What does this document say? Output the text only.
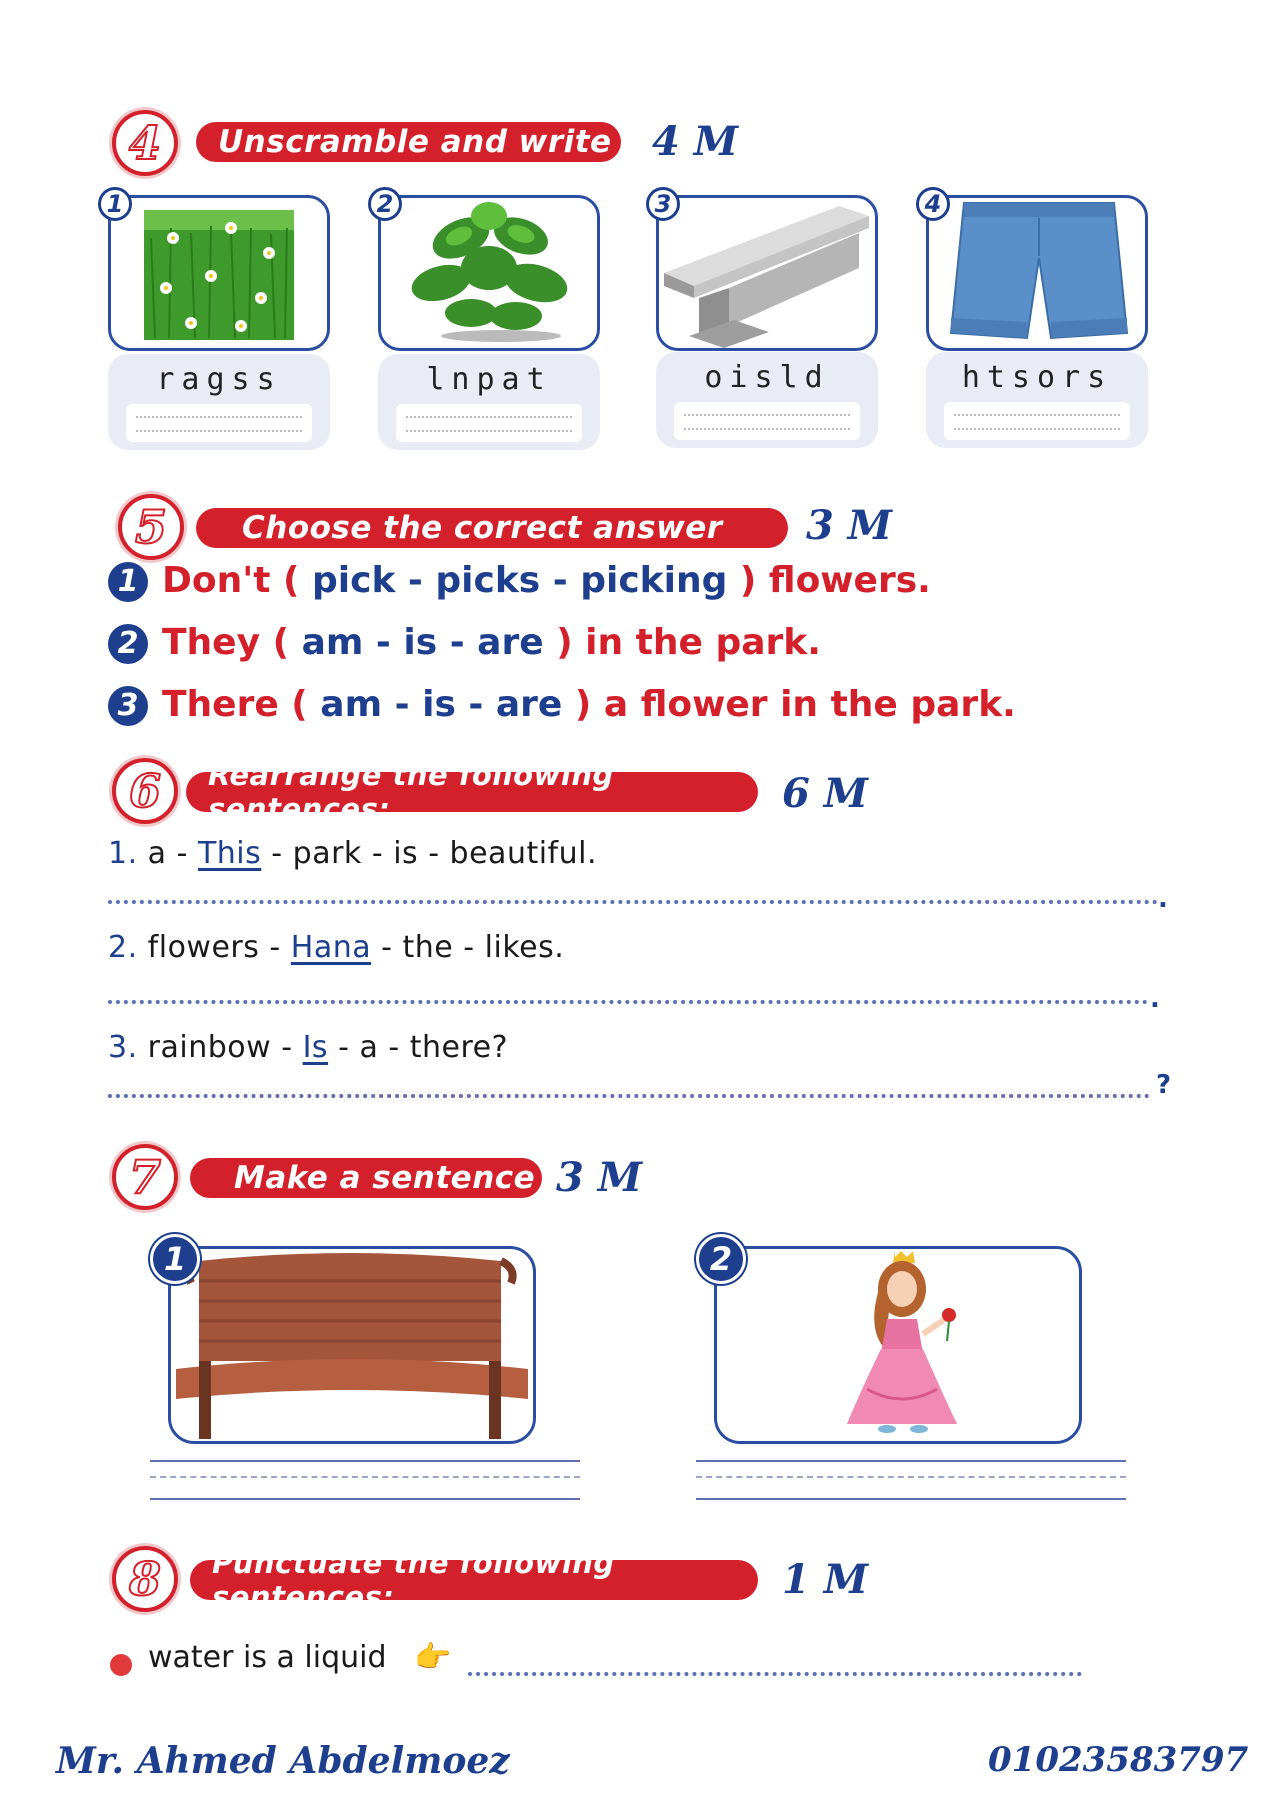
4	Unscramble and write 4 M
1
ragss
2
lnpat
3
oisld
4
htsors
5	Choose the correct answer	3 M
1 Don't ( pick - picks - picking ) flowers.
2 They ( am - is - are ) in the park.
3 There ( am - is - are ) a flower in the park.
6	Rearrange the following sentences:	6 M
1. a - This - park - is - beautiful.
.
2. flowers - Hana - the - likes.
.
3. rainbow - Is - a - there?
?
7	Make a sentence 3 M
1	2
8	Punctuate the following sentences:	1 M
water is a liquid 👉
Mr. Ahmed Abdelmoez	01023583797
